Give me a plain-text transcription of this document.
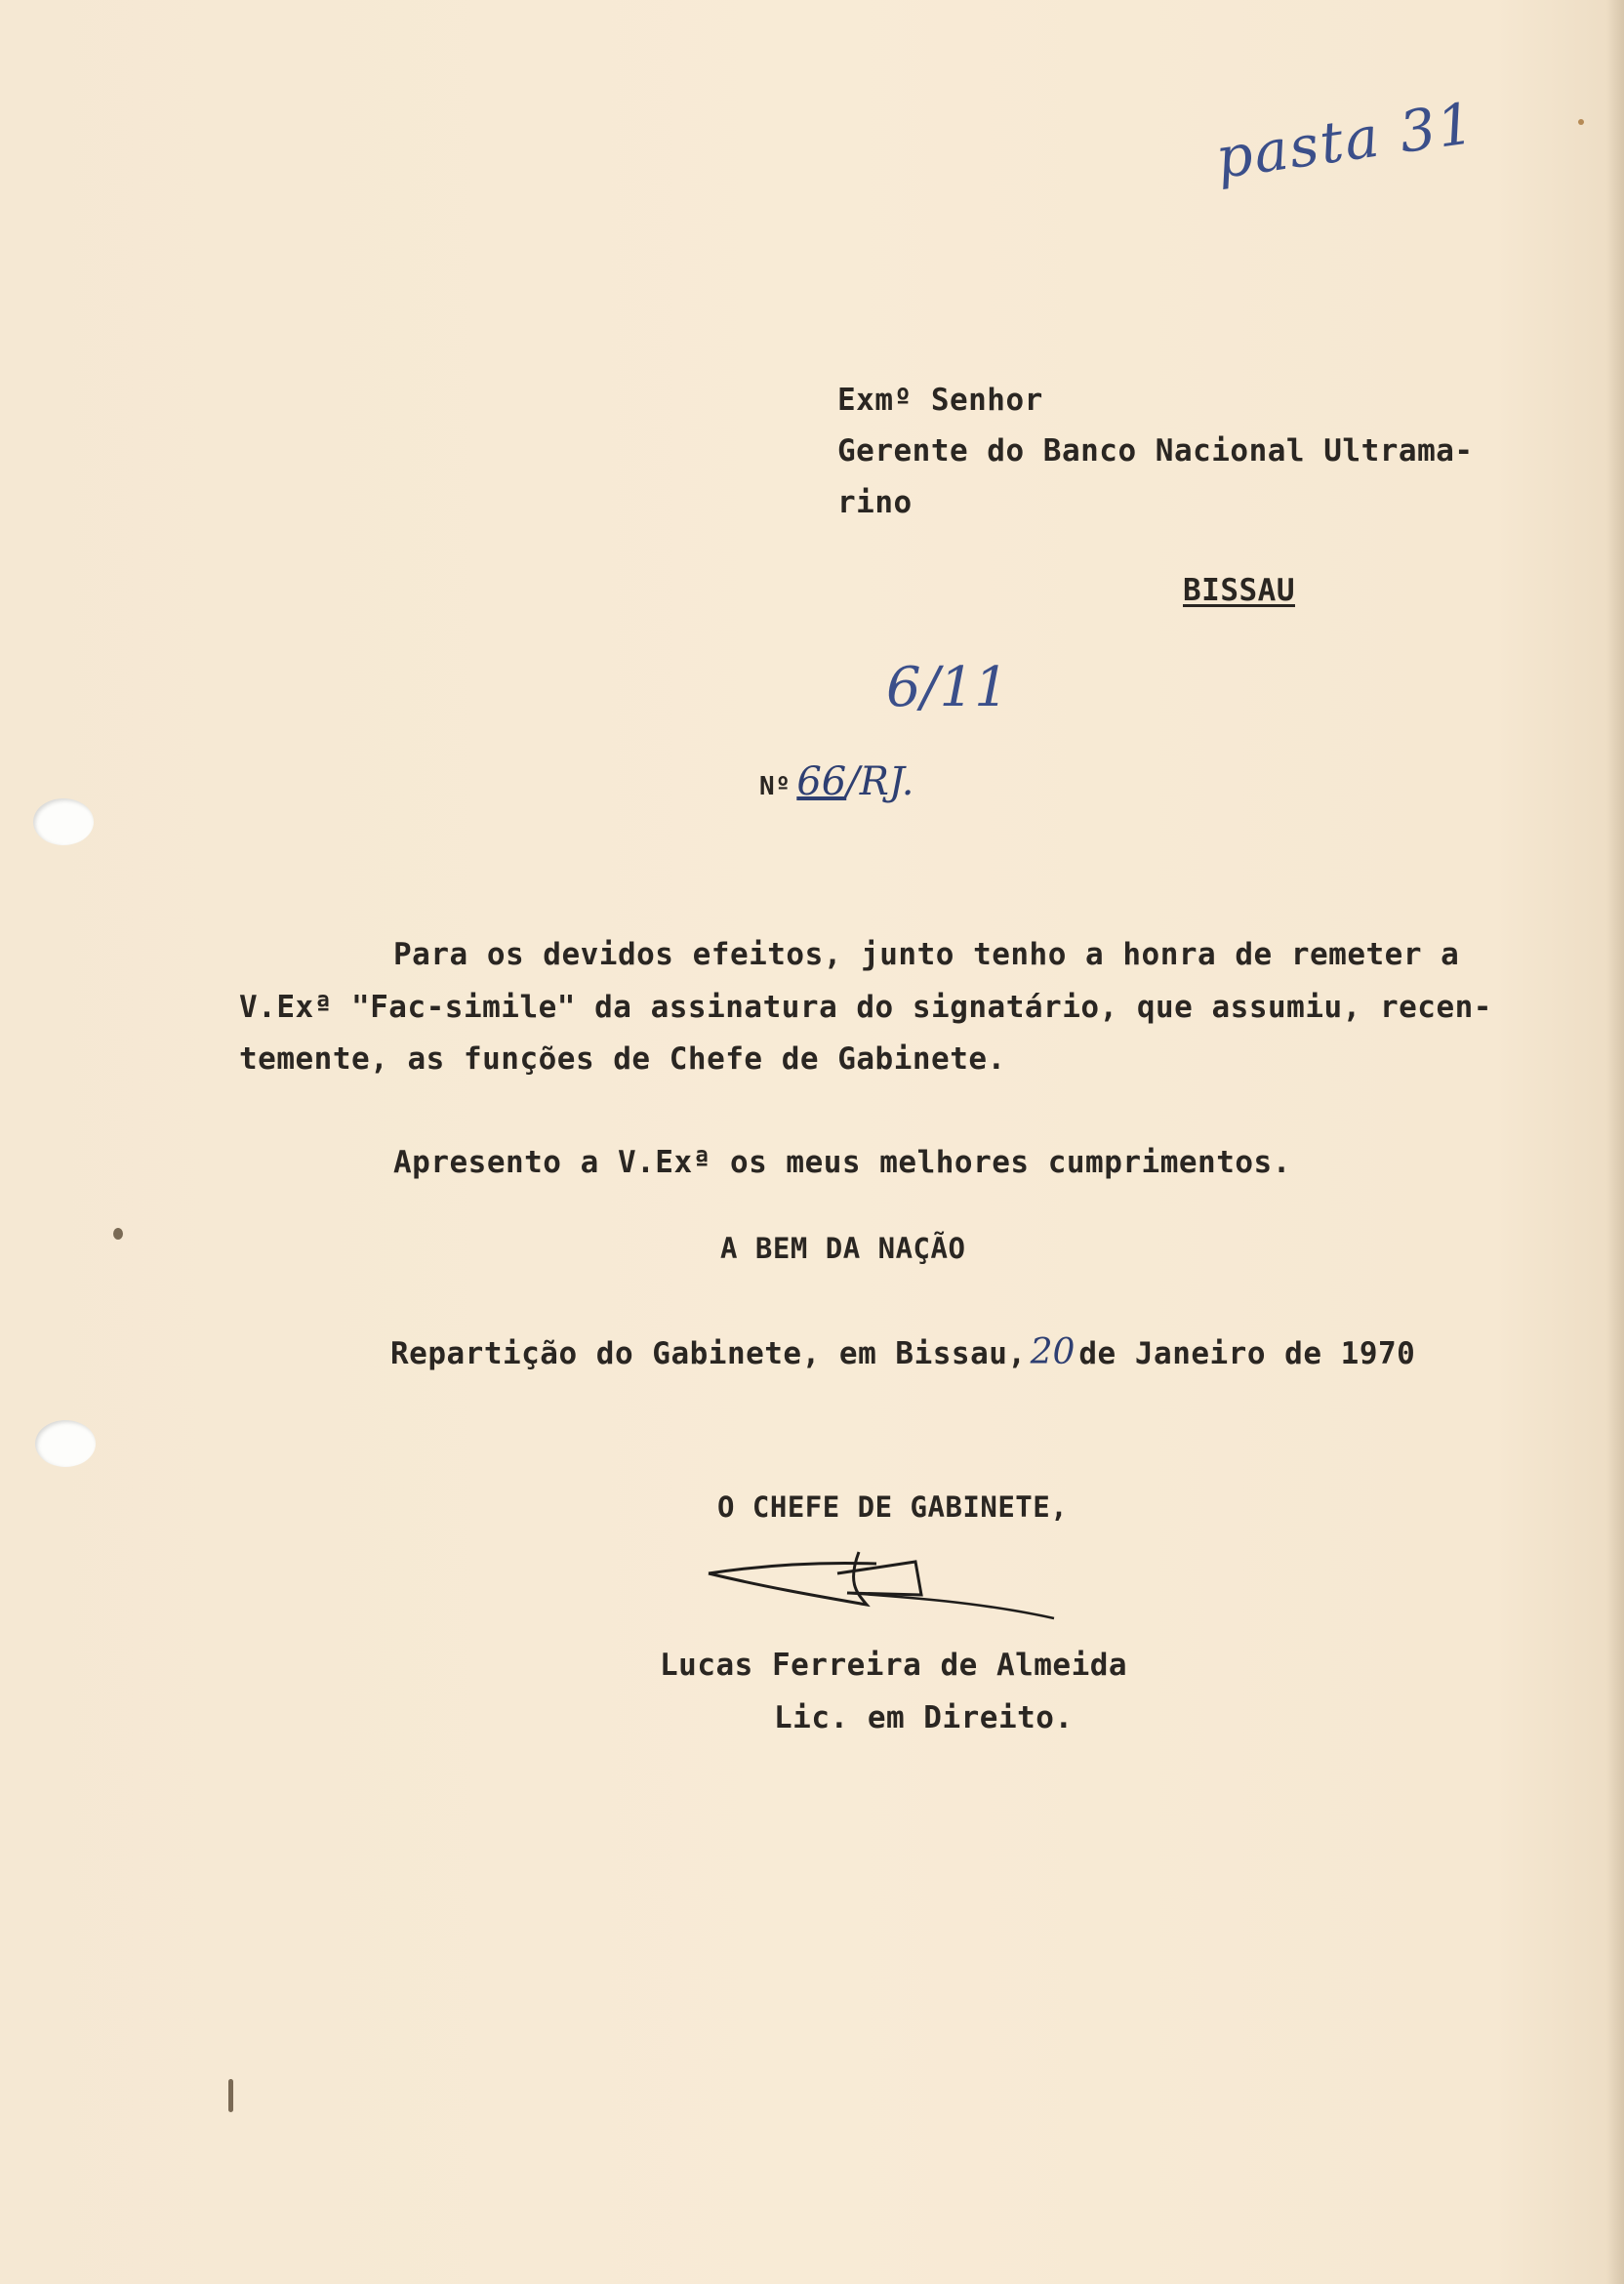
pasta 31
Exmº Senhor
Gerente do Banco Nacional Ultrama-
rino
BISSAU
6/11
Nº 66/RJ.
Para os devidos efeitos, junto tenho a honra de remeter a
V.Exª "Fac-simile" da assinatura do signatário, que assumiu, recen-
temente, as funções de Chefe de Gabinete.
Apresento a V.Exª os meus melhores cumprimentos.
A BEM DA NAÇÃO
Repartição do Gabinete, em Bissau, 20 de Janeiro de 1970
O CHEFE DE GABINETE,
Lucas Ferreira de Almeida
Lic. em Direito.
